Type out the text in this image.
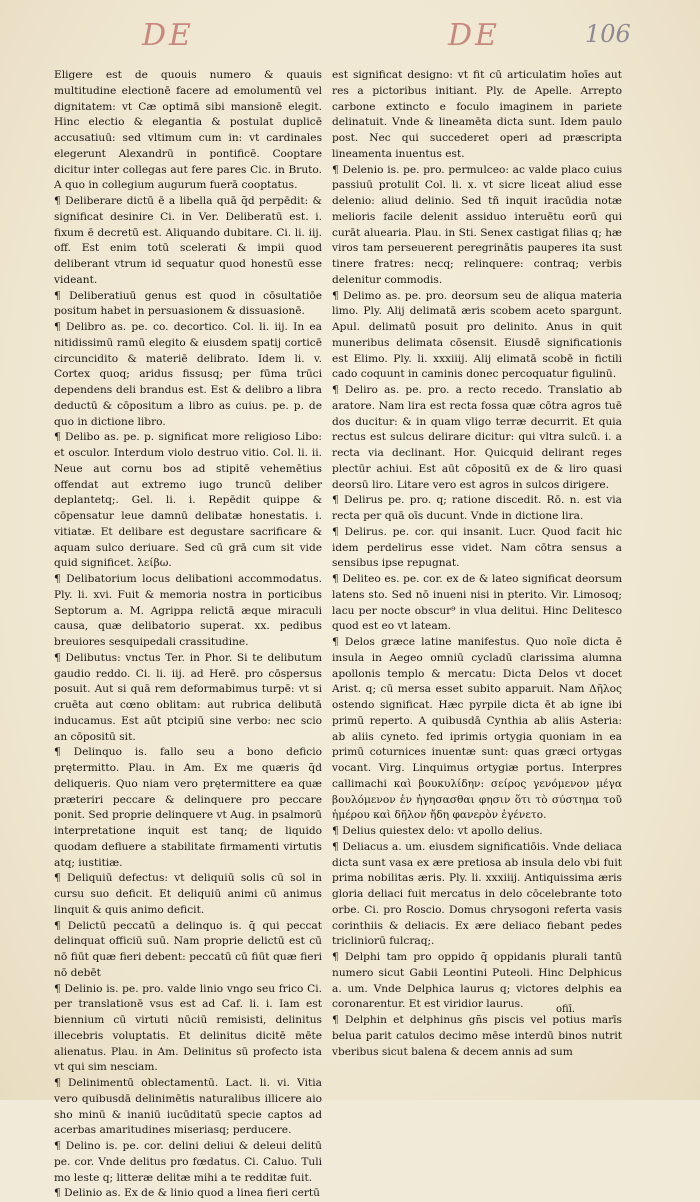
DE	DE	106

Eligere est de quouis numero & quauis multitudine electionē facere ad emolumentū vel dignitatem: vt Cæ optimā sibi mansionē elegit. Hinc electio & elegantia & postulat duplicē accusatiuū: sed vltimum cum in: vt cardinales elegerunt Alexandrū in pontificē. Cooptare dicitur inter collegas aut fere pares Cic. in Bruto. A quo in collegium augurum fuerā cooptatus.

¶ Deliberare dictū ē a libella quā q̄d perpēdit: & significat desinire Ci. in Ver. Deliberatū est. i. fixum ē decretū est. Aliquando dubitare. Ci. li. iij. off. Est enim totū scelerati & impii quod deliberant vtrum id sequatur quod honestū esse videant.

¶ Deliberatiuū genus est quod in cōsultatiōe positum habet in persuasionem & dissuasionē.

¶ Delibro as. pe. co. decortico. Col. li. iij. In ea nitidissimū ramū elegito & eiusdem spatij corticē circuncidito & materiē delibrato. Idem li. v. Cortex quoq; aridus fissusq; per fūma trūci dependens deli brandus est. Est & delibro a libra deductū & cōpositum a libro as cuius. pe. p. de quo in dictione libro.

¶ Delibo as. pe. p. significat more religioso Libo: et osculor. Interdum violo destruo vitio. Col. li. ii. Neue aut cornu bos ad stipitē vehemētius offendat aut extremo iugo truncū deliber deplantetq;. Gel. li. i. Repēdit quippe & cōpensatur leue damnū delibatæ honestatis. i. vitiatæ. Et delibare est degustare sacrificare & aquam sulco deriuare. Sed cū grā cum sit vide quid significet. λείβω.

¶ Delibatorium locus delibationi accommodatus. Ply. li. xvi. Fuit & memoria nostra in porticibus Septorum a. M. Agrippa relictā æque miraculi causa, quæ delibatorio superat. xx. pedibus breuiores sesquipedali crassitudine.

¶ Delibutus: vnctus Ter. in Phor. Si te delibutum gaudio reddo. Ci. li. iij. ad Herē. pro cōspersus posuit. Aut si quā rem deformabimus turpē: vt si cruēta aut cœno oblitam: aut rubrica delibutā inducamus. Est aūt ptcipiū sine verbo: nec scio an cōpositū sit.

¶ Delinquo is. fallo seu a bono deficio prętermitto. Plau. in Am. Ex me quæris q̄d deliqueris. Quo niam vero prętermittere ea quæ præteriri peccare & delinquere pro peccare ponit. Sed proprie delinquere vt Aug. in psalmorū interpretatione inquit est tanq; de liquido quodam defluere a stabilitate firmamenti virtutis atq; iustitiæ.

¶ Deliquiū defectus: vt deliquiū solis cū sol in cursu suo deficit. Et deliquiū animi cū animus linquit & quis animo deficit.

¶ Delictū peccatū a delinquo is. q̄ qui peccat delinquat officiū suū. Nam proprie delictū est cū nō fiūt quæ fieri debent: peccatū cū fiūt quæ fieri nō debēt

¶ Delinio is. pe. pro. valde linio vngo seu frico Ci. per translationē vsus est ad Caf. li. i. Iam est biennium cū virtuti nūciū remisisti, delinitus illecebris voluptatis. Et delinitus dicitē mēte alienatus. Plau. in Am. Delinitus sū profecto ista vt qui sim nesciam.

¶ Delinimentū oblectamentū. Lact. li. vi. Vitia vero quibusdā delinimētis naturalibus illicere aio sho minū & inaniū iucūditatū specie captos ad acerbas amaritudines miseriasq; perducere.

¶ Delino is. pe. cor. delini deliui & deleui delitū pe. cor. Vnde delitus pro fœdatus. Ci. Caluo. Tuli mo leste q; litteræ delitæ mihi a te redditæ fuit.

¶ Delinio as. Ex de & linio quod a linea fieri certū

est significat designo: vt fit cū articulatim hoīes aut res a pictoribus initiant. Ply. de Apelle. Arrepto carbone extincto e foculo imaginem in pariete delinatuit. Vnde & lineamēta dicta sunt. Idem paulo post. Nec qui succederet operi ad præscripta lineamenta inuentus est.

¶ Delenio is. pe. pro. permulceo: ac valde placo cuius passiuū protulit Col. li. x. vt sicre liceat aliud esse delenio: aliud delinio. Sed tñ inquit iracūdia notæ melioris facile delenit assiduo interuētu eorū qui curāt aluearia. Plau. in Sti. Senex castigat filias q; hæ viros tam perseuerent peregrinātis pauperes ita sust tinere fratres: necq; relinquere: contraq; verbis delenitur commodis.

¶ Delimo as. pe. pro. deorsum seu de aliqua materia limo. Ply. Alij delimatā æris scobem aceto spargunt. Apul. delimatū posuit pro delinito. Anus in quit muneribus delimata cōsensit. Eiusdē significationis est Elimo. Ply. li. xxxiiij. Alij elimatā scobē in fictili cado coquunt in caminis donec percoquatur figulinū.

¶ Deliro as. pe. pro. a recto recedo. Translatio ab aratore. Nam lira est recta fossa quæ cōtra agros tuē dos ducitur: & in quam vligo terræ decurrit. Et quia rectus est sulcus delirare dicitur: qui vltra sulcū. i. a recta via declinant. Hor. Quicquid delirant reges plectūr achiui. Est aūt cōpositū ex de & liro quasi deorsū liro. Litare vero est agros in sulcos dirigere.

¶ Delirus pe. pro. q; ratione discedit. Rō. n. est via recta per quā oīs ducunt. Vnde in dictione lira.

¶ Delirus. pe. cor. qui insanit. Lucr. Quod facit hic idem perdelirus esse videt. Nam cōtra sensus a sensibus ipse repugnat.

¶ Deliteo es. pe. cor. ex de & lateo significat deorsum latens sto. Sed nō inueni nisi in pterito. Vir. Limosoq; lacu per nocte obscur⁹ in vlua delitui. Hinc Delitesco quod est eo vt lateam.

¶ Delos græce latine manifestus. Quo noīe dicta ē insula in Aegeo omniū cycladū clarissima alumna apollonis templo & mercatu: Dicta Delos vt docet Arist. q; cū mersa esset subito apparuit. Nam Δῆλος ostendo significat. Hæc pyrpile dicta ēt ab igne ibi primū reperto. A quibusdā Cynthia ab aliis Asteria: ab aliis cyneto. fed iprimis ortygia quoniam in ea primū coturnices inuentæ sunt: quas græci ortygas vocant. Virg. Linquimus ortygiæ portus. Interpres callimachi καὶ βουκυλίδην: σείρος γενόμενον μέγα βουλόμενον ἐν ἠγησασθαι φησιν ὅτι τὸ σύστημα τοῦ ἡμέρου καὶ δῆλον ἤδη φανερὸν ἐγένετο.

¶ Delius quiestex delo: vt apollo delius.

¶ Deliacus a. um. eiusdem significatiōis. Vnde deliaca dicta sunt vasa ex ære pretiosa ab insula delo vbi fuit prima nobilitas æris. Ply. li. xxxiiij. Antiquissima æris gloria deliaci fuit mercatus in delo cōcelebrante toto orbe. Ci. pro Roscio. Domus chrysogoni referta vasis corinthiis & deliacis. Ex ære deliaco fiebant pedes tricliniorū fulcraq;.

¶ Delphi tam pro oppido q̄ oppidanis plurali tantū numero sicut Gabii Leontini Puteoli. Hinc Delphicus a. um. Vnde Delphica laurus q; victores delphis ea coronarentur. Et est viridior laurus.

¶ Delphin et delphinus gn̄s piscis vel potius marīs belua parit catulos decimo mēse interdū binos nutrit vberibus sicut balena & decem annis ad sum

ofiī.
